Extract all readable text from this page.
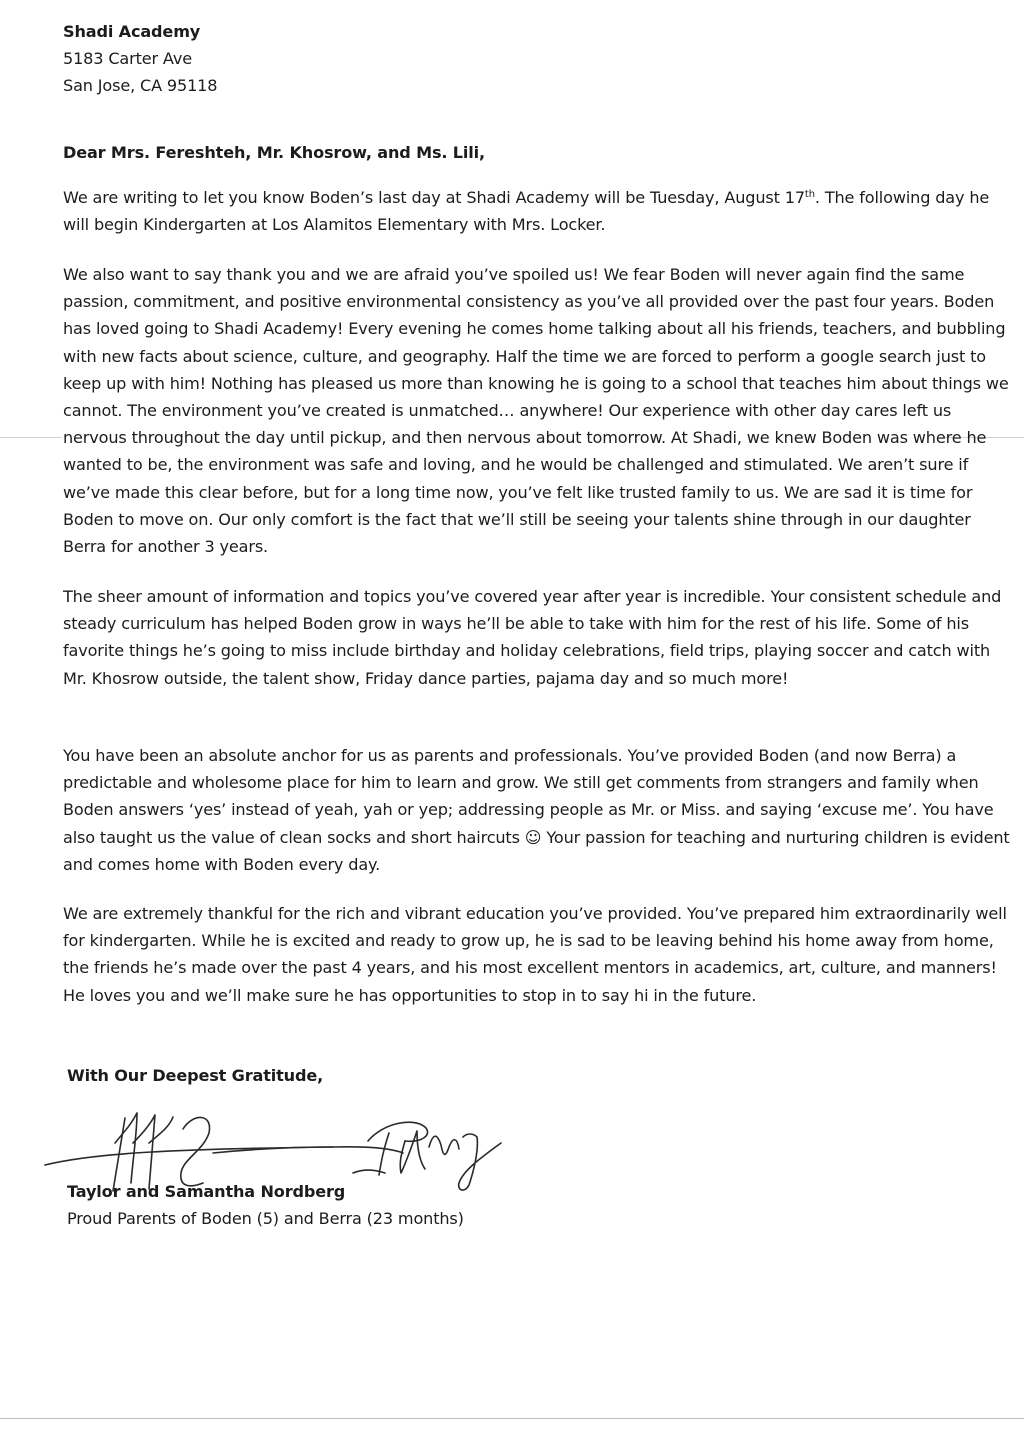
Shadi Academy
5183 Carter Ave
San Jose, CA 95118

Dear Mrs. Fereshteh, Mr. Khosrow, and Ms. Lili,

We are writing to let you know Boden’s last day at Shadi Academy will be Tuesday, August 17th. The following day he will begin Kindergarten at Los Alamitos Elementary with Mrs. Locker.

We also want to say thank you and we are afraid you’ve spoiled us! We fear Boden will never again find the same passion, commitment, and positive environmental consistency as you’ve all provided over the past four years. Boden has loved going to Shadi Academy! Every evening he comes home talking about all his friends, teachers, and bubbling with new facts about science, culture, and geography. Half the time we are forced to perform a google search just to keep up with him! Nothing has pleased us more than knowing he is going to a school that teaches him about things we cannot. The environment you’ve created is unmatched… anywhere! Our experience with other day cares left us nervous throughout the day until pickup, and then nervous about tomorrow. At Shadi, we knew Boden was where he wanted to be, the environment was safe and loving, and he would be challenged and stimulated. We aren’t sure if we’ve made this clear before, but for a long time now, you’ve felt like trusted family to us. We are sad it is time for Boden to move on. Our only comfort is the fact that we’ll still be seeing your talents shine through in our daughter Berra for another 3 years.

The sheer amount of information and topics you’ve covered year after year is incredible. Your consistent schedule and steady curriculum has helped Boden grow in ways he’ll be able to take with him for the rest of his life. Some of his favorite things he’s going to miss include birthday and holiday celebrations, field trips, playing soccer and catch with Mr. Khosrow outside, the talent show, Friday dance parties, pajama day and so much more!

You have been an absolute anchor for us as parents and professionals. You’ve provided Boden (and now Berra) a predictable and wholesome place for him to learn and grow. We still get comments from strangers and family when Boden answers ‘yes’ instead of yeah, yah or yep; addressing people as Mr. or Miss. and saying ‘excuse me’. You have also taught us the value of clean socks and short haircuts ☺ Your passion for teaching and nurturing children is evident and comes home with Boden every day.

We are extremely thankful for the rich and vibrant education you’ve provided. You’ve prepared him extraordinarily well for kindergarten. While he is excited and ready to grow up, he is sad to be leaving behind his home away from home, the friends he’s made over the past 4 years, and his most excellent mentors in academics, art, culture, and manners! He loves you and we’ll make sure he has opportunities to stop in to say hi in the future.

With Our Deepest Gratitude,

Taylor and Samantha Nordberg
Proud Parents of Boden (5) and Berra (23 months)
